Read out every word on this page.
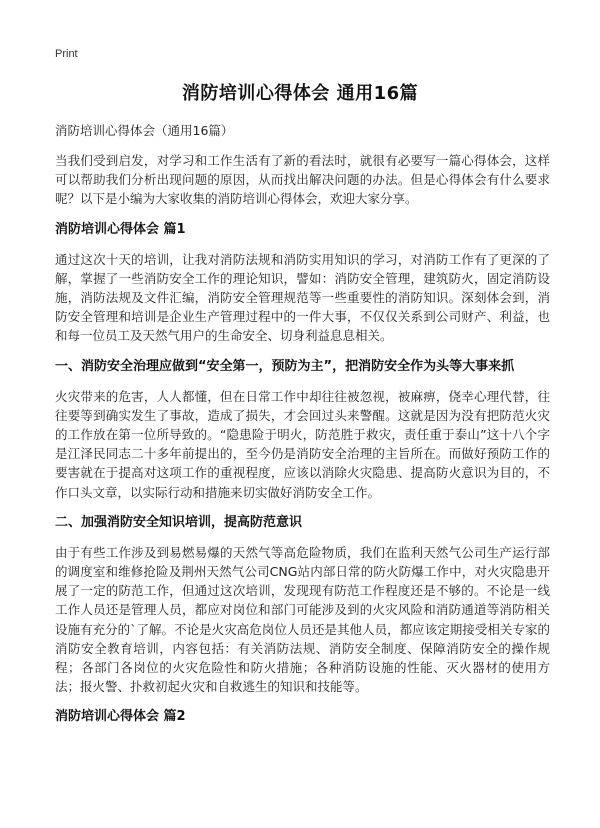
Print
消防培训心得体会 通用16篇
消防培训心得体会（通用16篇）

当我们受到启发，对学习和工作生活有了新的看法时，就很有必要写一篇心得体会，这样可以帮助我们分析出现问题的原因，从而找出解决问题的办法。但是心得体会有什么要求呢？以下是小编为大家收集的消防培训心得体会，欢迎大家分享。

消防培训心得体会 篇1

通过这次十天的培训，让我对消防法规和消防实用知识的学习，对消防工作有了更深的了解，掌握了一些消防安全工作的理论知识，譬如：消防安全管理，建筑防火，固定消防设施，消防法规及文件汇编，消防安全管理规范等一些重要性的消防知识。深刻体会到，消防安全管理和培训是企业生产管理过程中的一件大事，不仅仅关系到公司财产、利益，也和每一位员工及天然气用户的生命安全、切身利益息息相关。

一、消防安全治理应做到“安全第一，预防为主”，把消防安全作为头等大事来抓

火灾带来的危害，人人都懂，但在日常工作中却往往被忽视，被麻痹，侥幸心理代替，往往要等到确实发生了事故，造成了损失，才会回过头来警醒。这就是因为没有把防范火灾的工作放在第一位所导致的。“隐患险于明火，防范胜于救灾，责任重于泰山”这十八个字是江泽民同志二十多年前提出的，至今仍是消防安全治理的主旨所在。而做好预防工作的要害就在于提高对这项工作的重视程度，应该以消除火灾隐患、提高防火意识为目的，不作口头文章，以实际行动和措施来切实做好消防安全工作。

二、加强消防安全知识培训，提高防范意识

由于有些工作涉及到易燃易爆的天然气等高危险物质，我们在监利天然气公司生产运行部的调度室和维修抢险及荆州天然气公司CNG站内部日常的防火防爆工作中，对火灾隐患开展了一定的防范工作，但通过这次培训，发现现有防范工作程度还是不够的。不论是一线工作人员还是管理人员，都应对岗位和部门可能涉及到的火灾风险和消防通道等消防相关设施有充分的`了解。不论是火灾高危岗位人员还是其他人员，都应该定期接受相关专家的消防安全教育培训，内容包括：有关消防法规、消防安全制度、保障消防安全的操作规程；各部门各岗位的火灾危险性和防火措施；各种消防设施的性能、灭火器材的使用方法；报火警、扑救初起火灾和自救逃生的知识和技能等。

消防培训心得体会 篇2
